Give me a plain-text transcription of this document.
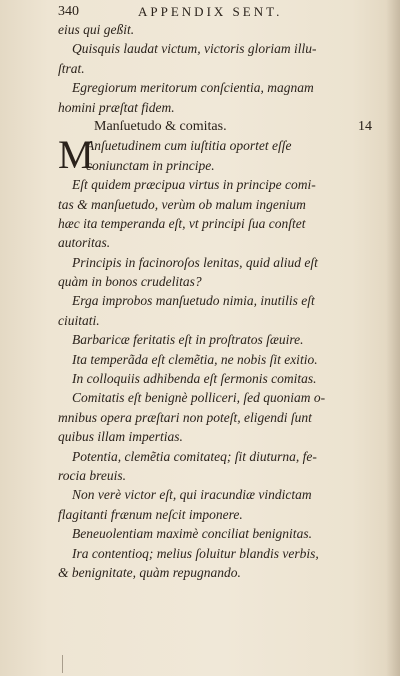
340	APPENDIX SENT.
eius qui geßit.
Quisquis laudat victum, victoris gloriam illu-
ſtrat.
Egregiorum meritorum conſcientia, magnam
homini præſtat fidem.
Manſuetudo & comitas.	14
M
Anſuetudinem cum iuſtitia oportet eſſe
coniunctam in principe.
Eſt quidem præcipua virtus in principe comi-
tas & manſuetudo, verùm ob malum ingenium
hæc ita temperanda eſt, vt principi ſua conſtet
autoritas.
Principis in facinoroſos lenitas, quid aliud eſt
quàm in bonos crudelitas?
Erga improbos manſuetudo nimia, inutilis eſt
ciuitati.
Barbaricæ feritatis eſt in proſtratos ſæuire.
Ita temperãda eſt clemẽtia, ne nobis ſit exitio.
In colloquiis adhibenda eſt ſermonis comitas.
Comitatis eſt benignè polliceri, ſed quoniam o-
mnibus opera præſtari non poteſt, eligendi ſunt
quibus illam impertias.
Potentia, clemẽtia comitateq; ſit diuturna, fe-
rocia breuis.
Non verè victor eſt, qui iracundiæ vindictam
flagitanti frænum neſcit imponere.
Beneuolentiam maximè conciliat benignitas.
Ira contentioq; melius ſoluitur blandis verbis,
& benignitate, quàm repugnando.
